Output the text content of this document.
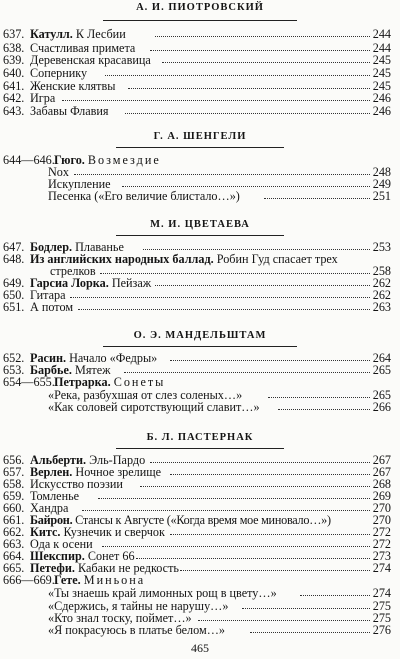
А. И. ПИОТРОВСКИЙ
637. Катулл. К Лесбии	244
638. Счастливая примета	244
639. Деревенская красавица	245
640. Сопернику	245
641. Женские клятвы	245
642. Игра	246
643. Забавы Флавия	246
Г. А. ШЕНГЕЛИ
644—646. Гюго. Возмездие
Nox	248
Искупление	249
Песенка («Его величие блистало…»)	251
М. И. ЦВЕТАЕВА
647. Бодлер. Плаванье	253
648. Из английских народных баллад. Робин Гуд спасает трех
стрелков	258
649. Гарсиа Лорка. Пейзаж	262
650. Гитара	262
651. А потом	263
О. Э. МАНДЕЛЬШТАМ
652. Расин. Начало «Федры»	264
653. Барбье. Мятеж	265
654—655. Петрарка. Сонеты
«Река, разбухшая от слез соленых…»	265
«Как соловей сиротствующий славит…»	266
Б. Л. ПАСТЕРНАК
656. Альберти. Эль-Пардо	267
657. Верлен. Ночное зрелище	267
658. Искусство поэзии	268
659. Томленье	269
660. Хандра	270
661. Байрон. Стансы к Августе («Когда время мое миновало…»)	270
662. Китс. Кузнечик и сверчок	272
663. Ода к осени	272
664. Шекспир. Сонет 66	273
665. Петефи. Кабаки не редкость	274
666—669. Гете. Миньона
«Ты знаешь край лимонных рощ в цвету…»	274
«Сдержись, я тайны не нарушу…»	275
«Кто знал тоску, поймет…»	275
«Я покрасуюсь в платье белом…»	276
465
